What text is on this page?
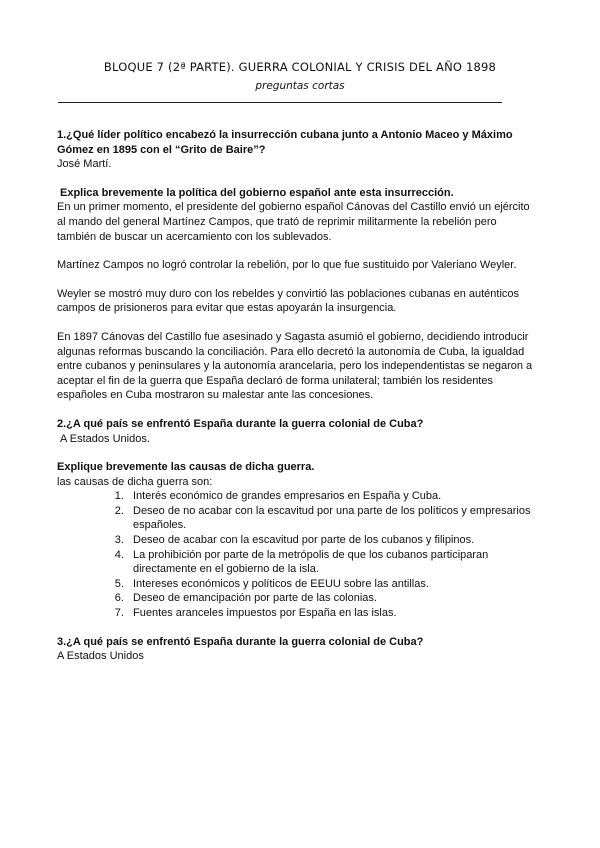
BLOQUE 7 (2ª PARTE). GUERRA COLONIAL Y CRISIS DEL AÑO 1898
preguntas cortas

1.¿Qué líder político encabezó la insurrección cubana junto a Antonio Maceo y Máximo Gómez en 1895 con el “Grito de Baire”?

José Martí.

Explica brevemente la política del gobierno español ante esta insurrección.

En un primer momento, el presidente del gobierno español Cánovas del Castillo envió un ejército al mando del general Martínez Campos, que trató de reprimir militarmente la rebelión pero también de buscar un acercamiento con los sublevados.

Martínez Campos no logró controlar la rebelión, por lo que fue sustituido por Valeriano Weyler.

Weyler se mostró muy duro con los rebeldes y convirtió las poblaciones cubanas en auténticos campos de prisioneros para evitar que estas apoyarán la insurgencia.

En 1897 Cánovas del Castillo fue asesinado y Sagasta asumió el gobierno, decidiendo introducir algunas reformas buscando la conciliación. Para ello decretó la autonomía de Cuba, la igualdad entre cubanos y peninsulares y la autonomía arancelaria, pero los independentistas se negaron a aceptar el fin de la guerra que España declaró de forma unilateral; también los residentes españoles en Cuba mostraron su malestar ante las concesiones.

2.¿A qué país se enfrentó España durante la guerra colonial de Cuba?

A Estados Unidos.

Explique brevemente las causas de dicha guerra.

las causas de dicha guerra son:

1. Interés económico de grandes empresarios en España y Cuba.
2. Deseo de no acabar con la escavitud por una parte de los políticos y empresarios españoles.
3. Deseo de acabar con la escavitud por parte de los cubanos y filipinos.
4. La prohibición por parte de la metrópolis de que los cubanos participaran directamente en el gobierno de la isla.
5. Intereses económicos y políticos de EEUU sobre las antillas.
6. Deseo de emancipación por parte de las colonias.
7. Fuentes aranceles impuestos por España en las islas.

3.¿A qué país se enfrentó España durante la guerra colonial de Cuba?

A Estados Unidos
